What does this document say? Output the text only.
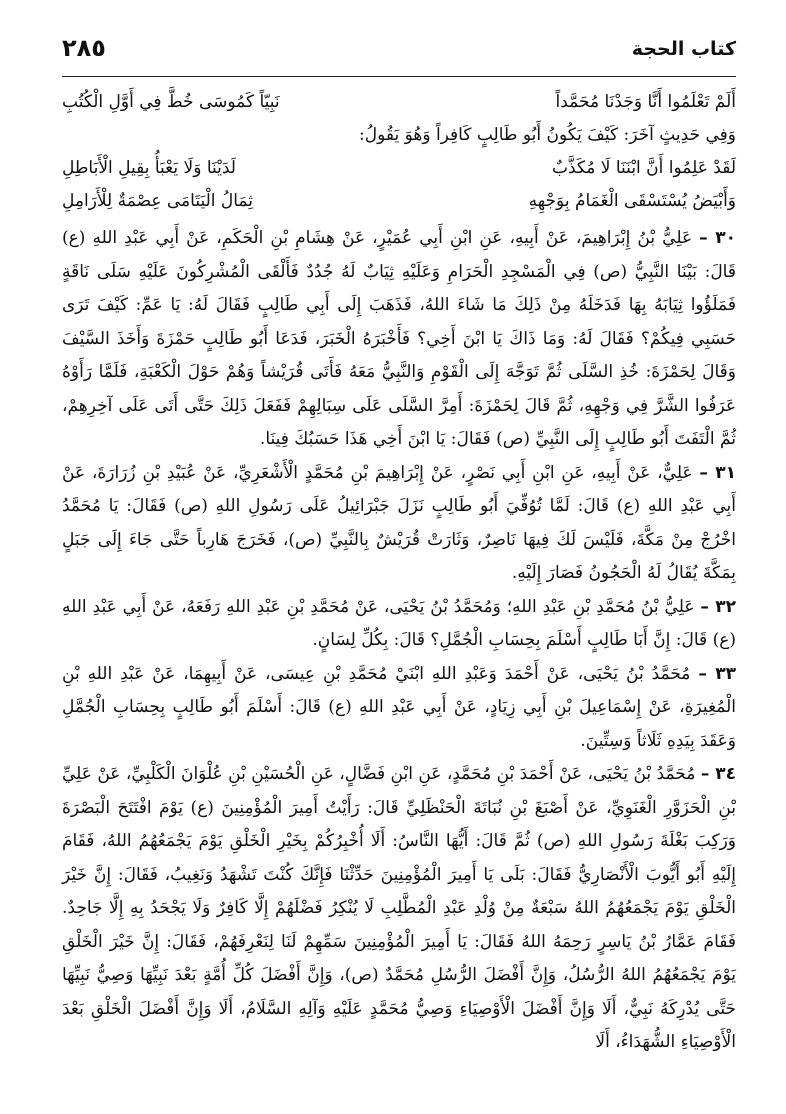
كتاب الحجة
٢٨٥
أَلَمْ تَعْلَمُوا أَنَّا وَجَدْنَا مُحَمَّداً
نَبِيّاً كَمُوسَى خُطَّ فِي أَوَّلِ الْكُتُبِ

وَفِي حَدِيثٍ آخَرَ: كَيْفَ يَكُونُ أَبُو طَالِبٍ كَافِراً وَهُوَ يَقُولُ:

لَقَدْ عَلِمُوا أَنَّ ابْنَنَا لَا مُكَذَّبٌ
لَدَيْنَا وَلَا يَعْبَأُ بِقِيلِ الْأَبَاطِلِ
وَأَبْيَضُ يُسْتَسْقَى الْغَمَامُ بِوَجْهِهِ
ثِمَالُ الْيَتَامَى عِصْمَةٌ لِلْأَرَامِلِ

٣٠ – عَلِيُّ بْنُ إِبْرَاهِيمَ، عَنْ أَبِيهِ، عَنِ ابْنِ أَبِي عُمَيْرٍ، عَنْ هِشَامِ بْنِ الْحَكَمِ، عَنْ أَبِي عَبْدِ اللهِ (ع) قَالَ: بَيْنَا النَّبِيُّ (ص) فِي الْمَسْجِدِ الْحَرَامِ وَعَلَيْهِ ثِيَابٌ لَهُ جُدُدٌ فَأَلْقَى الْمُشْرِكُونَ عَلَيْهِ سَلَى نَاقَةٍ فَمَلَؤُوا ثِيَابَهُ بِهَا فَدَخَلَهُ مِنْ ذَلِكَ مَا شَاءَ اللهُ، فَذَهَبَ إِلَى أَبِي طَالِبٍ فَقَالَ لَهُ: يَا عَمِّ: كَيْفَ تَرَى حَسَبِي فِيكُمْ؟ فَقَالَ لَهُ: وَمَا ذَاكَ يَا ابْنَ أَخِي؟ فَأَخْبَرَهُ الْخَبَرَ، فَدَعَا أَبُو طَالِبٍ حَمْزَةَ وَأَخَذَ السَّيْفَ وَقَالَ لِحَمْزَةَ: خُذِ السَّلَى ثُمَّ تَوَجَّهَ إِلَى الْقَوْمِ وَالنَّبِيُّ مَعَهُ فَأَتَى قُرَيْشاً وَهُمْ حَوْلَ الْكَعْبَةِ، فَلَمَّا رَأَوْهُ عَرَفُوا الشَّرَّ فِي وَجْهِهِ، ثُمَّ قَالَ لِحَمْزَةَ: أَمِرَّ السَّلَى عَلَى سِبَالِهِمْ فَفَعَلَ ذَلِكَ حَتَّى أَتَى عَلَى آخِرِهِمْ، ثُمَّ الْتَفَتَ أَبُو طَالِبٍ إِلَى النَّبِيِّ (ص) فَقَالَ: يَا ابْنَ أَخِي هَذَا حَسَبُكَ فِينَا.

٣١ – عَلِيٌّ، عَنْ أَبِيهِ، عَنِ ابْنِ أَبِي نَصْرٍ، عَنْ إِبْرَاهِيمَ بْنِ مُحَمَّدٍ الْأَشْعَرِيِّ، عَنْ عُبَيْدِ بْنِ زُرَارَةَ، عَنْ أَبِي عَبْدِ اللهِ (ع) قَالَ: لَمَّا تُوُفِّيَ أَبُو طَالِبٍ نَزَلَ جَبْرَائِيلُ عَلَى رَسُولِ اللهِ (ص) فَقَالَ: يَا مُحَمَّدُ اخْرُجْ مِنْ مَكَّةَ، فَلَيْسَ لَكَ فِيهَا نَاصِرٌ، وَثَارَتْ قُرَيْشٌ بِالنَّبِيِّ (ص)، فَخَرَجَ هَارِباً حَتَّى جَاءَ إِلَى جَبَلٍ بِمَكَّةَ يُقَالُ لَهُ الْحَجُونُ فَصَارَ إِلَيْهِ.

٣٢ – عَلِيُّ بْنُ مُحَمَّدِ بْنِ عَبْدِ اللهِ؛ وَمُحَمَّدُ بْنُ يَحْيَى، عَنْ مُحَمَّدِ بْنِ عَبْدِ اللهِ رَفَعَهُ، عَنْ أَبِي عَبْدِ اللهِ (ع) قَالَ: إِنَّ أَبَا طَالِبٍ أَسْلَمَ بِحِسَابِ الْجُمَّلِ؟ قَالَ: بِكُلِّ لِسَانٍ.

٣٣ – مُحَمَّدُ بْنُ يَحْيَى، عَنْ أَحْمَدَ وَعَبْدِ اللهِ ابْنَيْ مُحَمَّدِ بْنِ عِيسَى، عَنْ أَبِيهِمَا، عَنْ عَبْدِ اللهِ بْنِ الْمُغِيرَةِ، عَنْ إِسْمَاعِيلَ بْنِ أَبِي زِيَادٍ، عَنْ أَبِي عَبْدِ اللهِ (ع) قَالَ: أَسْلَمَ أَبُو طَالِبٍ بِحِسَابِ الْجُمَّلِ وَعَقَدَ بِيَدِهِ ثَلَاثاً وَسِتِّينَ.

٣٤ – مُحَمَّدُ بْنُ يَحْيَى، عَنْ أَحْمَدَ بْنِ مُحَمَّدٍ، عَنِ ابْنِ فَضَّالٍ، عَنِ الْحُسَيْنِ بْنِ عُلْوَانَ الْكَلْبِيِّ، عَنْ عَلِيِّ بْنِ الْحَزَوَّرِ الْغَنَوِيِّ، عَنْ أَصْبَغَ بْنِ نُبَاتَةَ الْحَنْظَلِيِّ قَالَ: رَأَيْتُ أَمِيرَ الْمُؤْمِنِينَ (ع) يَوْمَ افْتَتَحَ الْبَصْرَةَ وَرَكِبَ بَغْلَةَ رَسُولِ اللهِ (ص) ثُمَّ قَالَ: أَيُّهَا النَّاسُ: أَلَا أُخْبِرُكُمْ بِخَيْرِ الْخَلْقِ يَوْمَ يَجْمَعُهُمُ اللهُ، فَقَامَ إِلَيْهِ أَبُو أَيُّوبَ الْأَنْصَارِيُّ فَقَالَ: بَلَى يَا أَمِيرَ الْمُؤْمِنِينَ حَدِّثْنَا فَإِنَّكَ كُنْتَ تَشْهَدُ وَنَغِيبُ، فَقَالَ: إِنَّ خَيْرَ الْخَلْقِ يَوْمَ يَجْمَعُهُمُ اللهُ سَبْعَةٌ مِنْ وُلْدِ عَبْدِ الْمُطَّلِبِ لَا يُنْكِرُ فَضْلَهُمْ إِلَّا كَافِرٌ وَلَا يَجْحَدُ بِهِ إِلَّا جَاحِدٌ. فَقَامَ عَمَّارُ بْنُ يَاسِرٍ رَحِمَهُ اللهُ فَقَالَ: يَا أَمِيرَ الْمُؤْمِنِينَ سَمِّهِمْ لَنَا لِنَعْرِفَهُمْ، فَقَالَ: إِنَّ خَيْرَ الْخَلْقِ يَوْمَ يَجْمَعُهُمُ اللهُ الرُّسُلُ، وَإِنَّ أَفْضَلَ الرُّسُلِ مُحَمَّدٌ (ص)، وَإِنَّ أَفْضَلَ كُلِّ أُمَّةٍ بَعْدَ نَبِيِّهَا وَصِيُّ نَبِيِّهَا حَتَّى يُدْرِكَهُ نَبِيٌّ، أَلَا وَإِنَّ أَفْضَلَ الْأَوْصِيَاءِ وَصِيُّ مُحَمَّدٍ عَلَيْهِ وَآلِهِ السَّلَامُ، أَلَا وَإِنَّ أَفْضَلَ الْخَلْقِ بَعْدَ الْأَوْصِيَاءِ الشُّهَدَاءُ، أَلَا
